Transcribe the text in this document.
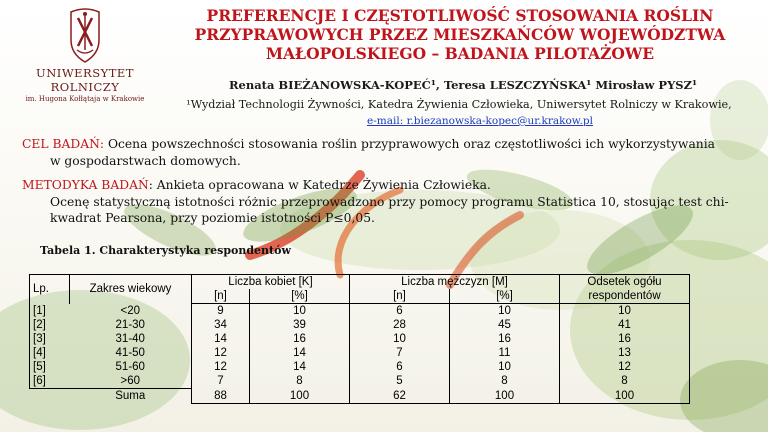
UNIWERSYTET ROLNICZY
im. Hugona Kołłątaja w Krakowie
PREFERENCJE I CZĘSTOTLIWOŚĆ STOSOWANIA ROŚLIN
PRZYPRAWOWYCH PRZEZ MIESZKAŃCÓW WOJEWÓDZTWA
MAŁOPOLSKIEGO – BADANIA PILOTAŻOWE
Renata BIEŻANOWSKA-KOPEĆ¹, Teresa LESZCZYŃSKA¹ Mirosław PYSZ¹
¹Wydział Technologii Żywności, Katedra Żywienia Człowieka, Uniwersytet Rolniczy w Krakowie,
e-mail: r.biezanowska-kopec@ur.krakow.pl
CEL BADAŃ: Ocena powszechności stosowania roślin przyprawowych oraz częstotliwości ich wykorzystywania
w gospodarstwach domowych.
METODYKA BADAŃ: Ankieta opracowana w Katedrze Żywienia Człowieka.
Ocenę statystyczną istotności różnic przeprowadzono przy pomocy programu Statistica 10, stosując test chi-
kwadrat Pearsona, przy poziomie istotności P≤0,05.
Tabela 1. Charakterystyka respondentów
Lp.	Zakres wiekowy	Liczba kobiet [K]		Liczba mężczyzn [M]		Odsetek ogółu
		[n]	[%]	[n]	[%]	respondentów
[1]	<20	9	10	6	10	10
[2]	21-30	34	39	28	45	41
[3]	31-40	14	16	10	16	16
[4]	41-50	12	14	7	11	13
[5]	51-60	12	14	6	10	12
[6]	>60	7	8	5	8	8
	Suma	88	100	62	100	100
